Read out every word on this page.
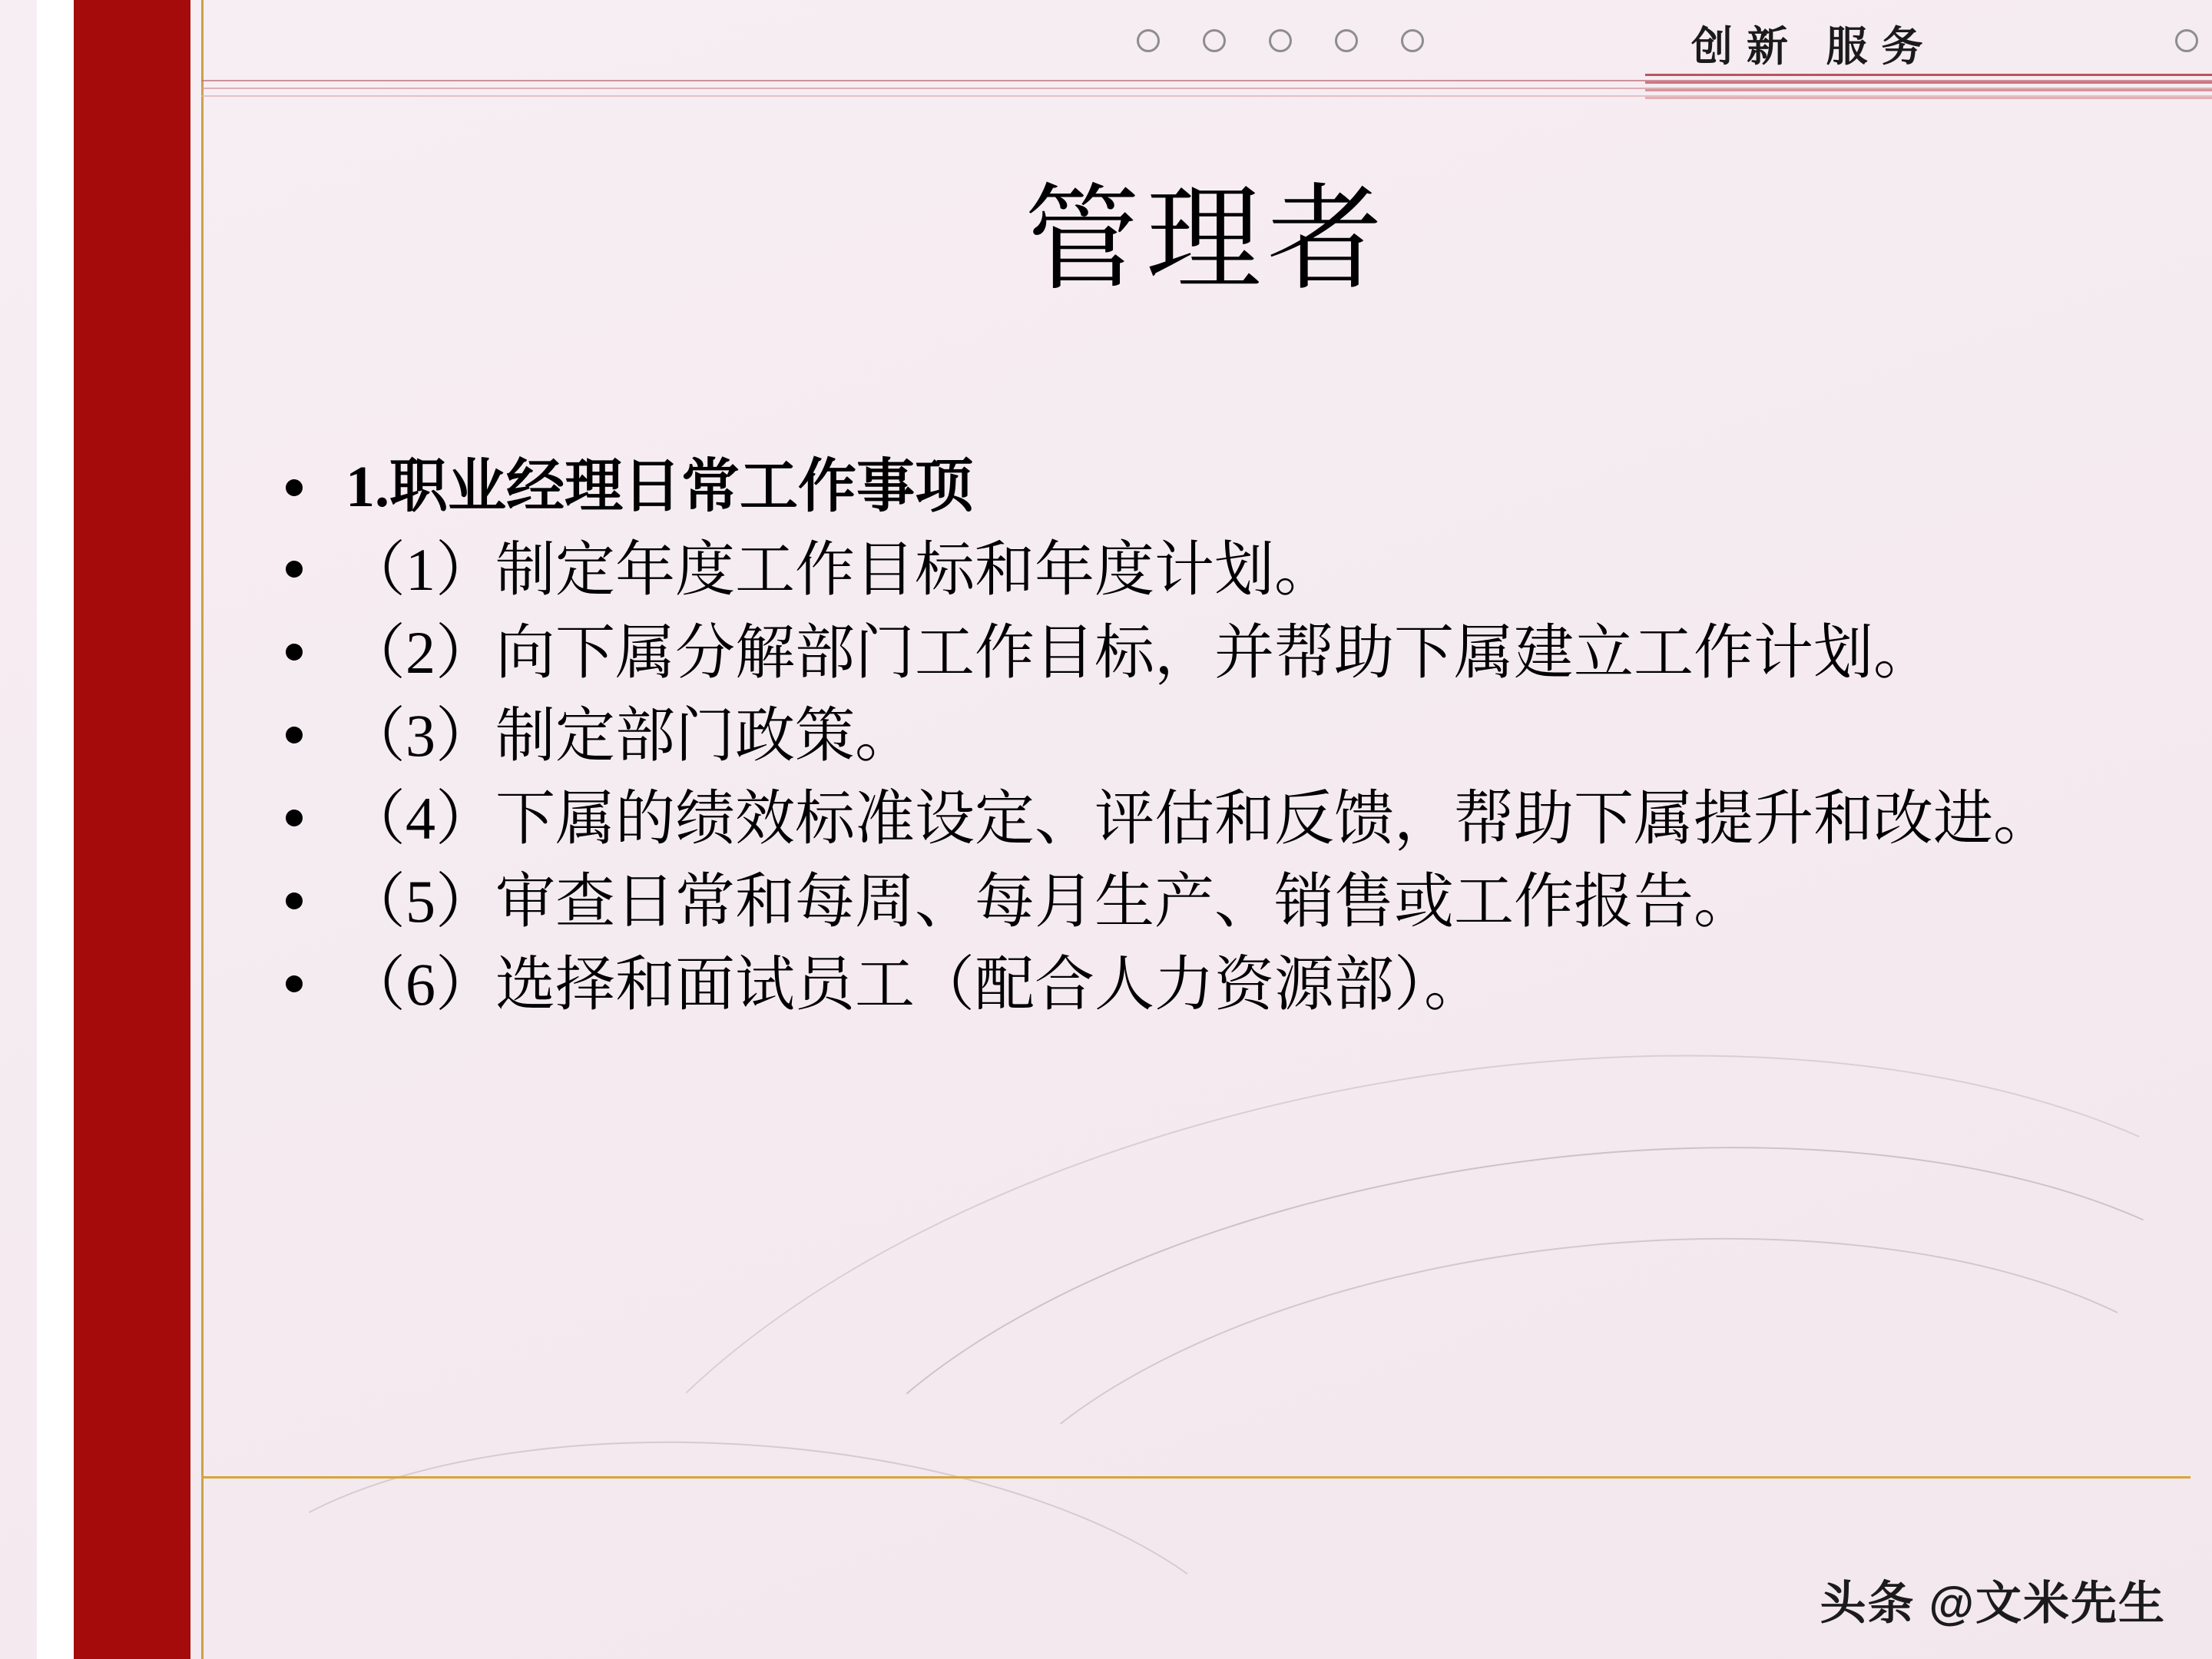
创新 服务
管理者
1.职业经理日常工作事项
（1）制定年度工作目标和年度计划。
（2）向下属分解部门工作目标，并帮助下属建立工作计划。
（3）制定部门政策。
（4）下属的绩效标准设定、评估和反馈，帮助下属提升和改进。
（5）审查日常和每周、每月生产、销售或工作报告。
（6）选择和面试员工（配合人力资源部）。
头条 @文米先生
